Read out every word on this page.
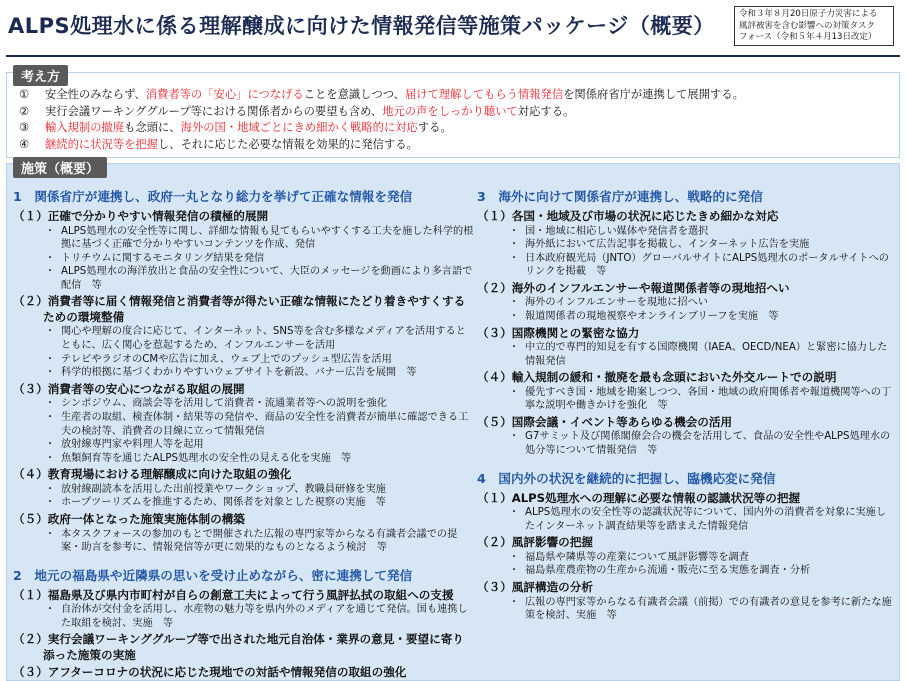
ALPS処理水に係る理解醸成に向けた情報発信等施策パッケージ（概要）	令和３年８月20日原子力災害による
風評被害を含む影響への対策タスク
フォース（令和５年４月13日改定）
考え方
①	安全性のみならず、消費者等の「安心」につなげることを意識しつつ、届けて理解してもらう情報発信を関係府省庁が連携して展開する。
②	実行会議ワーキンググループ等における関係者からの要望も含め、地元の声をしっかり聴いて対応する。
③	輸入規制の撤廃も念頭に、海外の国・地域ごとにきめ細かく戦略的に対応する。
④	継続的に状況等を把握し、それに応じた必要な情報を効果的に発信する。
施策（概要）
1　関係省庁が連携し、政府一丸となり総力を挙げて正確な情報を発信
（１）正確で分かりやすい情報発信の積極的展開
・ ALPS処理水の安全性等に関し、詳細な情報も見てもらいやすくする工夫を施した科学的根拠に基づく正確で分かりやすいコンテンツを作成、発信
・ トリチウムに関するモニタリング結果を発信
・ ALPS処理水の海洋放出と食品の安全性について、大臣のメッセージを動画により多言語で配信　等
（２）消費者等に届く情報発信と消費者等が得たい正確な情報にたどり着きやすくするための環境整備
・ 関心や理解の度合に応じて、インターネット、SNS等を含む多様なメディアを活用するとともに、広く関心を惹起するため、インフルエンサーを活用
・ テレビやラジオのCMや広告に加え、ウェブ上でのプッシュ型広告を活用
・ 科学的根拠に基づくわかりやすいウェブサイトを新設、バナー広告を展開　等
（３）消費者等の安心につながる取組の展開
・ シンポジウム、商談会等を活用して消費者・流通業者等への説明を強化
・ 生産者の取組、検査体制・結果等の発信や、商品の安全性を消費者が簡単に確認できる工夫の検討等、消費者の目線に立って情報発信
・ 放射線専門家や料理人等を起用
・ 魚類飼育等を通じたALPS処理水の安全性の見える化を実施　等
（４）教育現場における理解醸成に向けた取組の強化
・ 放射線副読本を活用した出前授業やワークショップ、教職員研修を実施
・ ホープツーリズムを推進するため、関係者を対象とした視察の実施　等
（５）政府一体となった施策実施体制の構築
・ 本タスクフォースの参加のもとで開催された広報の専門家等からなる有識者会議での提案・助言を参考に、情報発信等が更に効果的なものとなるよう検討　等
2　地元の福島県や近隣県の思いを受け止めながら、密に連携して発信
（１）福島県及び県内市町村が自らの創意工夫によって行う風評払拭の取組への支援
・ 自治体が交付金を活用し、水産物の魅力等を県内外のメディアを通じて発信。国も連携した取組を検討、実施　等
（２）実行会議ワーキンググループ等で出された地元自治体・業界の意見・要望に寄り添った施策の実施
（３）アフターコロナの状況に応じた現地での対話や情報発信の取組の強化
3　海外に向けて関係省庁が連携し、戦略的に発信
（１）各国・地域及び市場の状況に応じたきめ細かな対応
・ 国・地域に相応しい媒体や発信者を選択
・ 海外紙において広告記事を掲載し、インターネット広告を実施
・ 日本政府観光局（JNTO）グローバルサイトにALPS処理水のポータルサイトへのリンクを掲載　等
（２）海外のインフルエンサーや報道関係者等の現地招へい
・ 海外のインフルエンサーを現地に招へい
・ 報道関係者の現地視察やオンラインブリーフを実施　等
（３）国際機関との緊密な協力
・ 中立的で専門的知見を有する国際機関（IAEA、OECD/NEA）と緊密に協力した情報発信
（４）輸入規制の緩和・撤廃を最も念頭においた外交ルートでの説明
・ 優先すべき国・地域を勘案しつつ、各国・地域の政府関係者や報道機関等への丁寧な説明や働きかけを強化　等
（５）国際会議・イベント等あらゆる機会の活用
・ G7サミット及び関係閣僚会合の機会を活用して、食品の安全性やALPS処理水の処分等について情報発信　等
4　国内外の状況を継続的に把握し、臨機応変に発信
（１）ALPS処理水への理解に必要な情報の認識状況等の把握
・ ALPS処理水の安全性等の認識状況等について、国内外の消費者を対象に実施したインターネット調査結果等を踏まえた情報発信
（２）風評影響の把握
・ 福島県や隣県等の産業について風評影響等を調査
・ 福島県産農産物の生産から流通・販売に至る実態を調査・分析
（３）風評構造の分析
・ 広報の専門家等からなる有識者会議（前掲）での有識者の意見を参考に新たな施策を検討、実施　等
